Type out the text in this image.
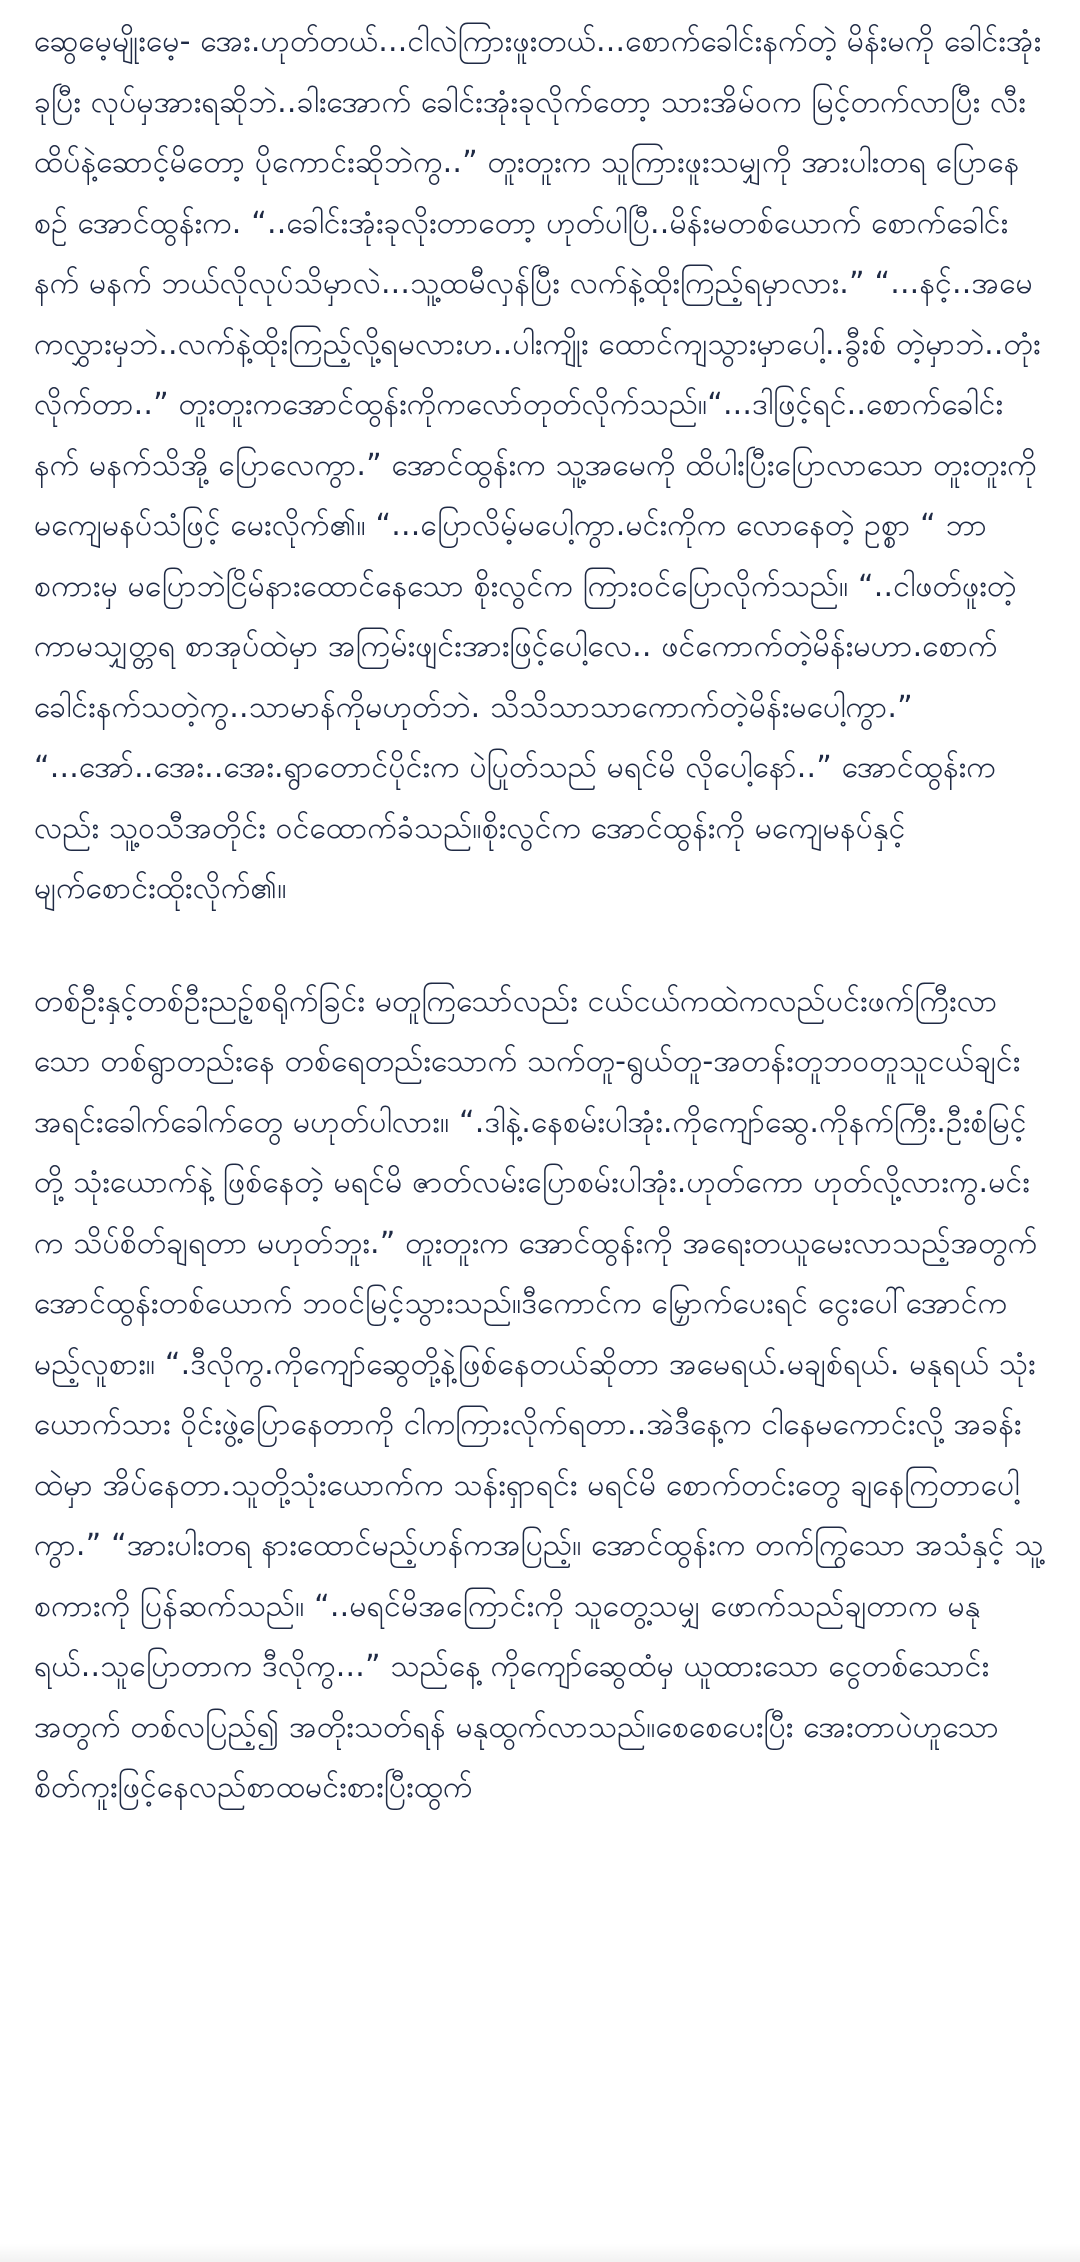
ဆွေမေ့မျိုးမေ့- အေး.ဟုတ်တယ်...ငါလဲကြားဖူးတယ်...စောက်ခေါင်းနက်တဲ့ မိန်းမကို ခေါင်းအုံး ခုပြီး လုပ်မှအားရဆိုဘဲ..ခါးအောက် ခေါင်းအုံးခုလိုက်တော့ သားအိမ်ဝက မြင့်တက်လာပြီး လီးထိပ်နဲ့ဆောင့်မိတော့ ပိုကောင်းဆိုဘဲကွ..” တူးတူးက သူကြားဖူးသမျှကို အားပါးတရ ပြောနေစဉ် အောင်ထွန်းက. “..ခေါင်းအုံးခုလိုးတာတော့ ဟုတ်ပါပြီ..မိန်းမတစ်ယောက် စောက်ခေါင်းနက် မနက် ဘယ်လိုလုပ်သိမှာလဲ...သူ့ထမီလှန်ပြီး လက်နဲ့ထိုးကြည့်ရမှာလား.” “...နင့်..အမေကလွှားမှဘဲ..လက်နဲ့ထိုးကြည့်လို့ရမလားဟ..ပါးကျိုး ထောင်ကျသွားမှာပေါ့..ခွီးစ် တဲ့မှာဘဲ..တုံးလိုက်တာ..” တူးတူးကအောင်ထွန်းကိုကလော်တုတ်လိုက်သည်။“...ဒါဖြင့်ရင်..စောက်ခေါင်းနက် မနက်သိအို့ ပြောလေကွာ.” အောင်ထွန်းက သူ့အမေကို ထိပါးပြီးပြောလာသော တူးတူးကို မကျေမနပ်သံဖြင့် မေးလိုက်၏။ “...ပြောလိမ့်မပေါ့ကွာ.မင်းကိုက လောနေတဲ့ ဥစ္စာ “ ဘာစကားမှ မပြောဘဲငြိမ်နားထောင်နေသော စိုးလွင်က ကြားဝင်ပြောလိုက်သည်။ “..ငါဖတ်ဖူးတဲ့ ကာမသျှတ္တရ စာအုပ်ထဲမှာ အကြမ်းဖျင်းအားဖြင့်ပေါ့လေ.. ဖင်ကောက်တဲ့မိန်းမဟာ.စောက်ခေါင်းနက်သတဲ့ကွ..သာမာန်ကိုမဟုတ်ဘဲ. သိသိသာသာကောက်တဲ့မိန်းမပေါ့ကွာ.” “...အော်..အေး..အေး.ရွာတောင်ပိုင်းက ပဲပြုတ်သည် မရင်မိ လိုပေါ့နော်..” အောင်ထွန်းကလည်း သူ့ဝသီအတိုင်း ဝင်ထောက်ခံသည်။စိုးလွင်က အောင်ထွန်းကို မကျေမနပ်နှင့် မျက်စောင်းထိုးလိုက်၏။

တစ်ဦးနှင့်တစ်ဦးညဉ့်စရိုက်ခြင်း မတူကြသော်လည်း ငယ်ငယ်ကထဲကလည်ပင်းဖက်ကြီးလာသော တစ်ရွာတည်းနေ တစ်ရေတည်းသောက် သက်တူ-ရွယ်တူ-အတန်းတူဘဝတူသူငယ်ချင်းအရင်းခေါက်ခေါက်တွေ မဟုတ်ပါလား။ “.ဒါနဲ့.နေစမ်းပါအုံး.ကိုကျော်ဆွေ.ကိုနက်ကြီး.ဦးစံမြင့်တို့ သုံးယောက်နဲ့ ဖြစ်နေတဲ့ မရင်မိ ဇာတ်လမ်းပြောစမ်းပါအုံး.ဟုတ်ကော ဟုတ်လို့လားကွ.မင်းက သိပ်စိတ်ချရတာ မဟုတ်ဘူး.” တူးတူးက အောင်ထွန်းကို အရေးတယူမေးလာသည့်အတွက် အောင်ထွန်းတစ်ယောက် ဘဝင်မြင့်သွားသည်။ဒီကောင်က မြှောက်ပေးရင် ငွေးပေါ်အောင်ကမည့်လူစား။ “.ဒီလိုကွ.ကိုကျော်ဆွေတို့နဲ့ဖြစ်နေတယ်ဆိုတာ အမေရယ်.မချစ်ရယ်. မနုရယ် သုံးယောက်သား ဝိုင်းဖွဲ့ပြောနေတာကို ငါကကြားလိုက်ရတာ..အဲဒီနေ့က ငါနေမကောင်းလို့ အခန်းထဲမှာ အိပ်နေတာ.သူတို့သုံးယောက်က သန်းရှာရင်း မရင်မိ စောက်တင်းတွေ ချနေကြတာပေါ့ကွာ.” “အားပါးတရ နားထောင်မည့်ဟန်ကအပြည့်။ အောင်ထွန်းက တက်ကြွသော အသံနှင့် သူ့စကားကို ပြန်ဆက်သည်။ “..မရင်မိအကြောင်းကို သူတွေ့သမျှ ဖောက်သည်ချတာက မနုရယ်..သူပြောတာက ဒီလိုကွ...” သည်နေ့ ကိုကျော်ဆွေထံမှ ယူထားသော ငွေတစ်သောင်းအတွက် တစ်လပြည့်၍ အတိုးသတ်ရန် မနုထွက်လာသည်။စေစေပေးပြီး အေးတာပဲဟူသော စိတ်ကူးဖြင့်နေလည်စာထမင်းစားပြီးထွက်
